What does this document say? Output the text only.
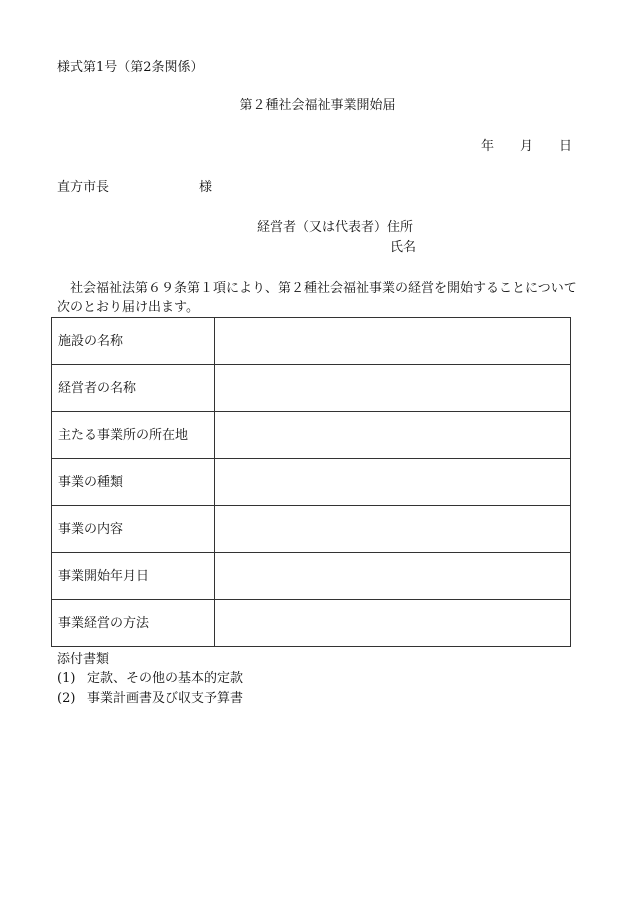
様式第1号（第2条関係）
第２種社会福祉事業開始届
年 月 日
直方市長	様
経営者（又は代表者）住所
氏名
社会福祉法第６９条第１項により、第２種社会福祉事業の経営を開始することについて次のとおり届け出ます。
施設の名称	
経営者の名称	
主たる事業所の所在地	
事業の種類	
事業の内容	
事業開始年月日	
事業経営の方法	
添付書類
(1) 定款、その他の基本的定款
(2) 事業計画書及び収支予算書
